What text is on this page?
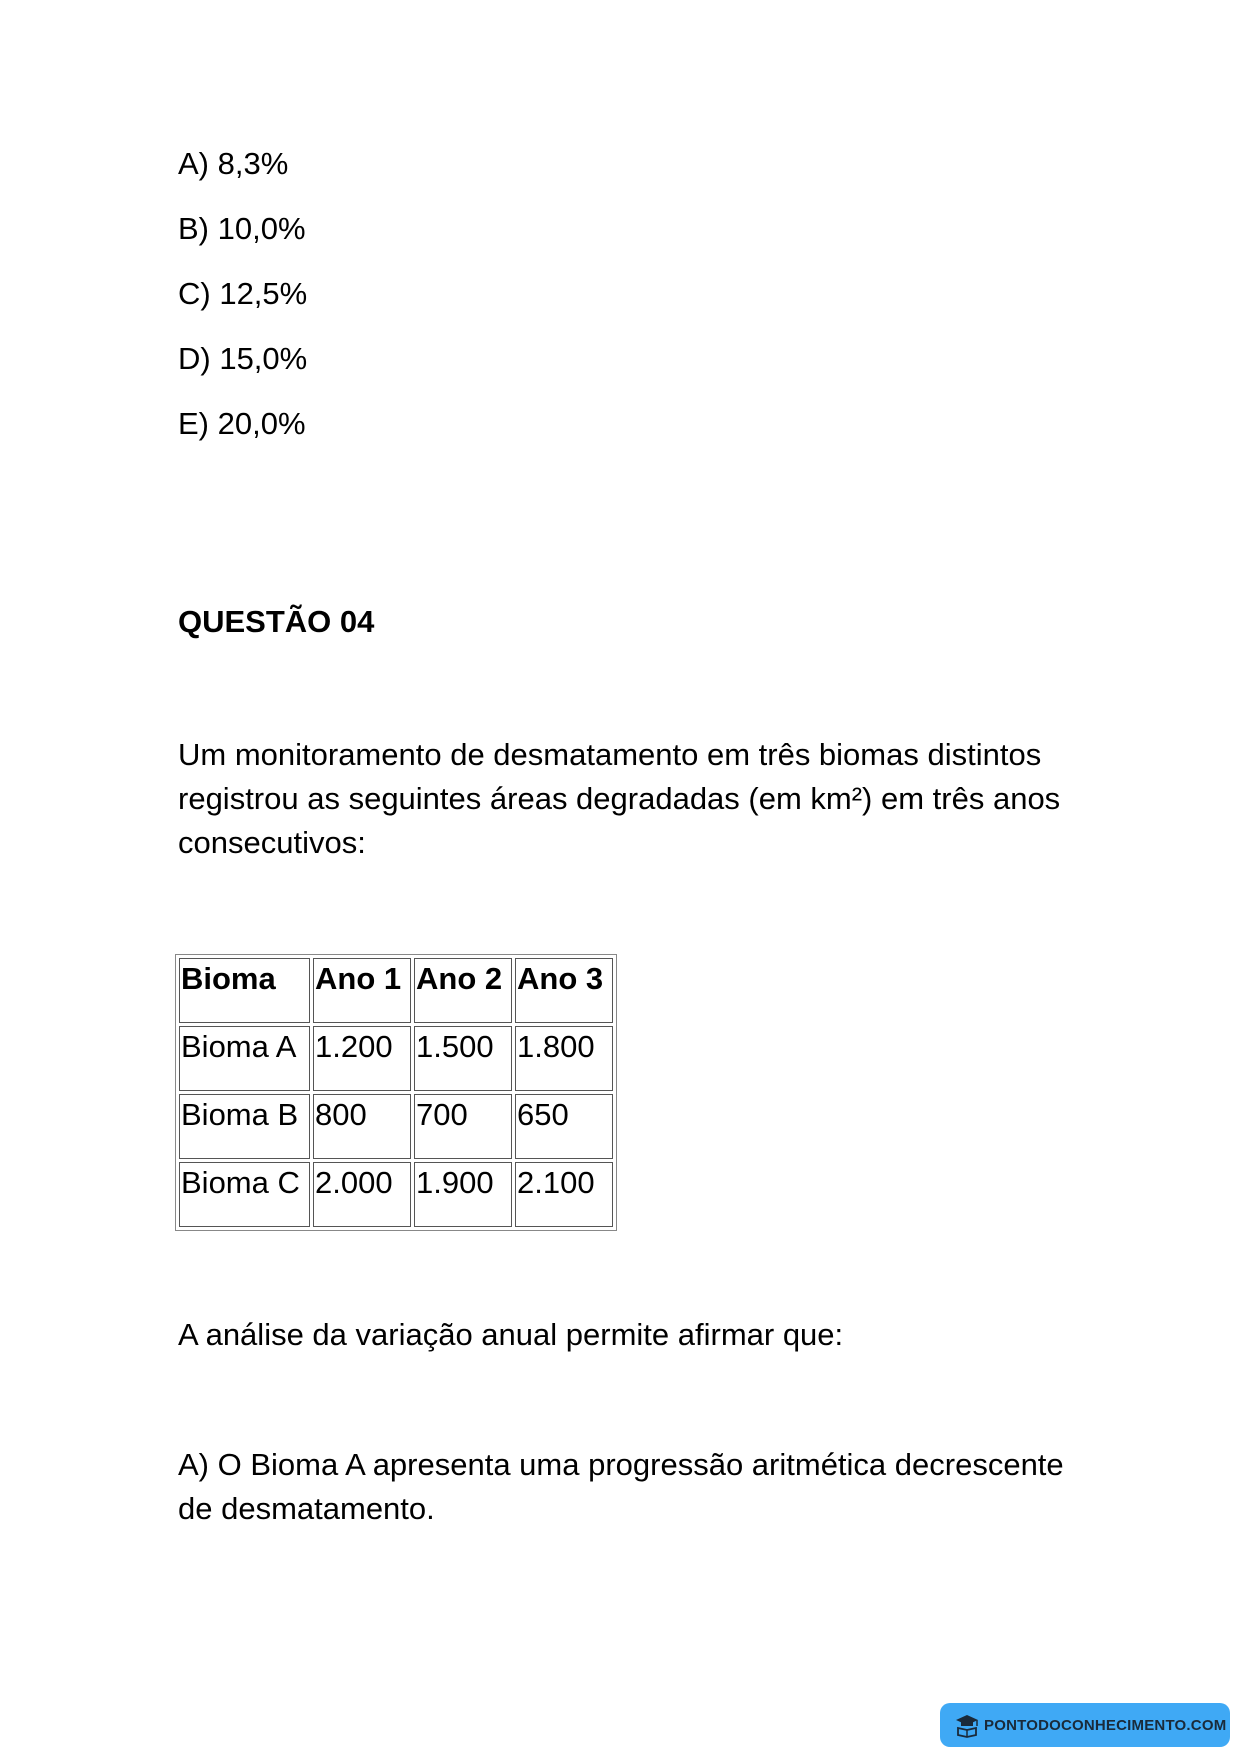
A) 8,3%
B) 10,0%
C) 12,5%
D) 15,0%
E) 20,0%
QUESTÃO 04

Um monitoramento de desmatamento em três biomas distintos registrou as seguintes áreas degradadas (em km²) em três anos consecutivos:

Bioma	Ano 1	Ano 2	Ano 3
Bioma A	1.200	1.500	1.800
Bioma B	800	700	650
Bioma C	2.000	1.900	2.100

A análise da variação anual permite afirmar que:

A) O Bioma A apresenta uma progressão aritmética decrescente de desmatamento.

PONTODOCONHECIMENTO.COM
